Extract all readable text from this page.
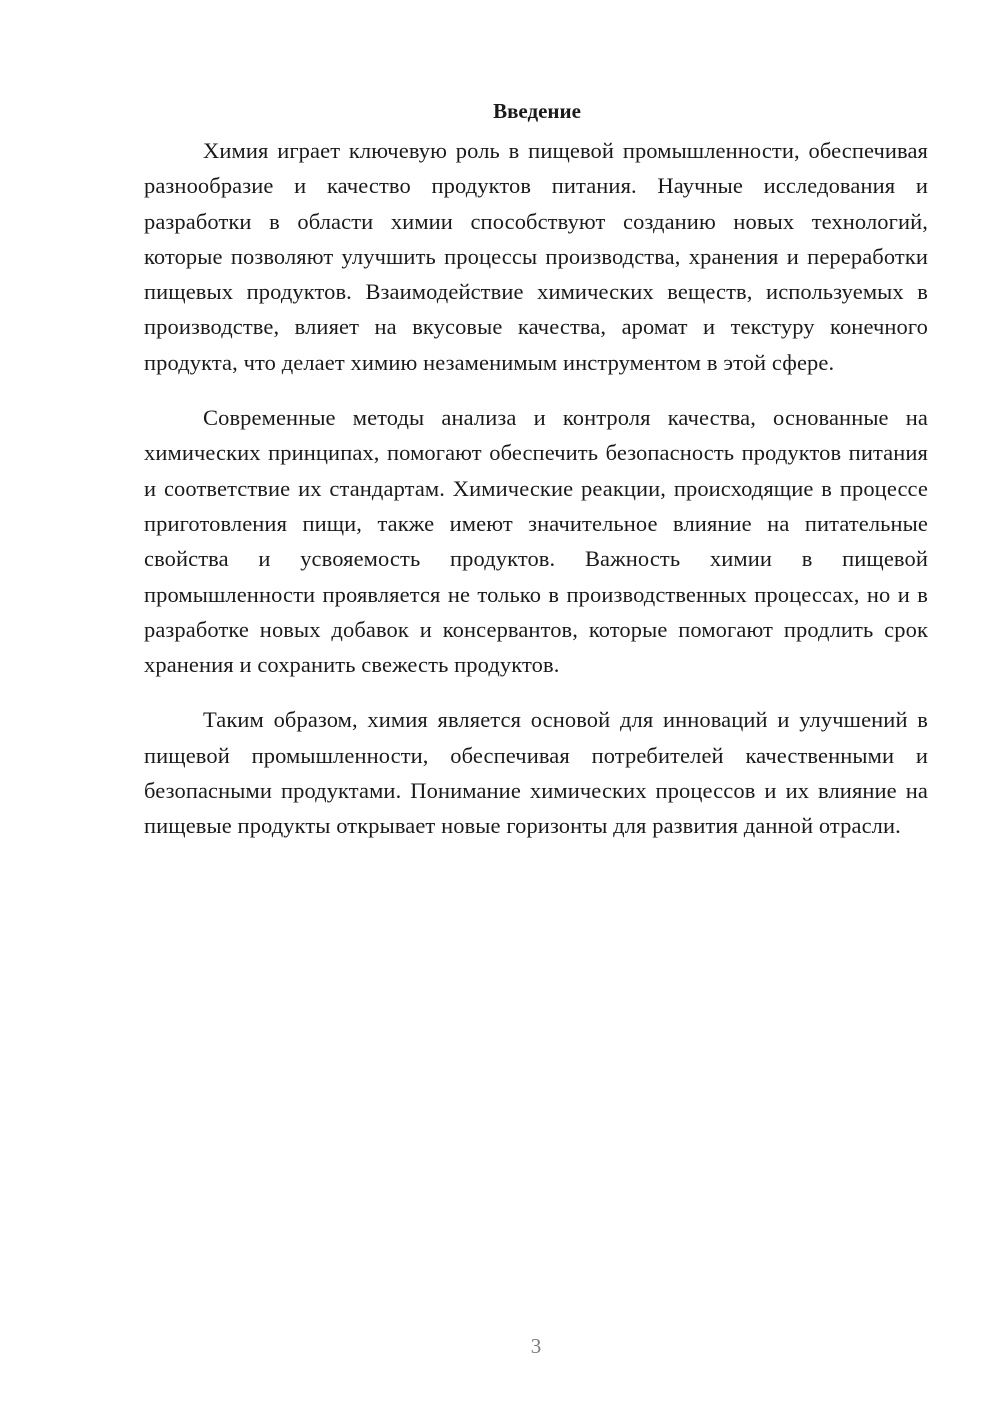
Введение

Химия играет ключевую роль в пищевой промышленности, обеспечивая разнообразие и качество продуктов питания. Научные исследования и разработки в области химии способствуют созданию новых технологий, которые позволяют улучшить процессы производства, хранения и переработки пищевых продуктов. Взаимодействие химических веществ, используемых в производстве, влияет на вкусовые качества, аромат и текстуру конечного продукта, что делает химию незаменимым инструментом в этой сфере.

Современные методы анализа и контроля качества, основанные на химических принципах, помогают обеспечить безопасность продуктов питания и соответствие их стандартам. Химические реакции, происходящие в процессе приготовления пищи, также имеют значительное влияние на питательные свойства и усвояемость продуктов. Важность химии в пищевой промышленности проявляется не только в производственных процессах, но и в разработке новых добавок и консервантов, которые помогают продлить срок хранения и сохранить свежесть продуктов.

Таким образом, химия является основой для инноваций и улучшений в пищевой промышленности, обеспечивая потребителей качественными и безопасными продуктами. Понимание химических процессов и их влияние на пищевые продукты открывает новые горизонты для развития данной отрасли.

3
